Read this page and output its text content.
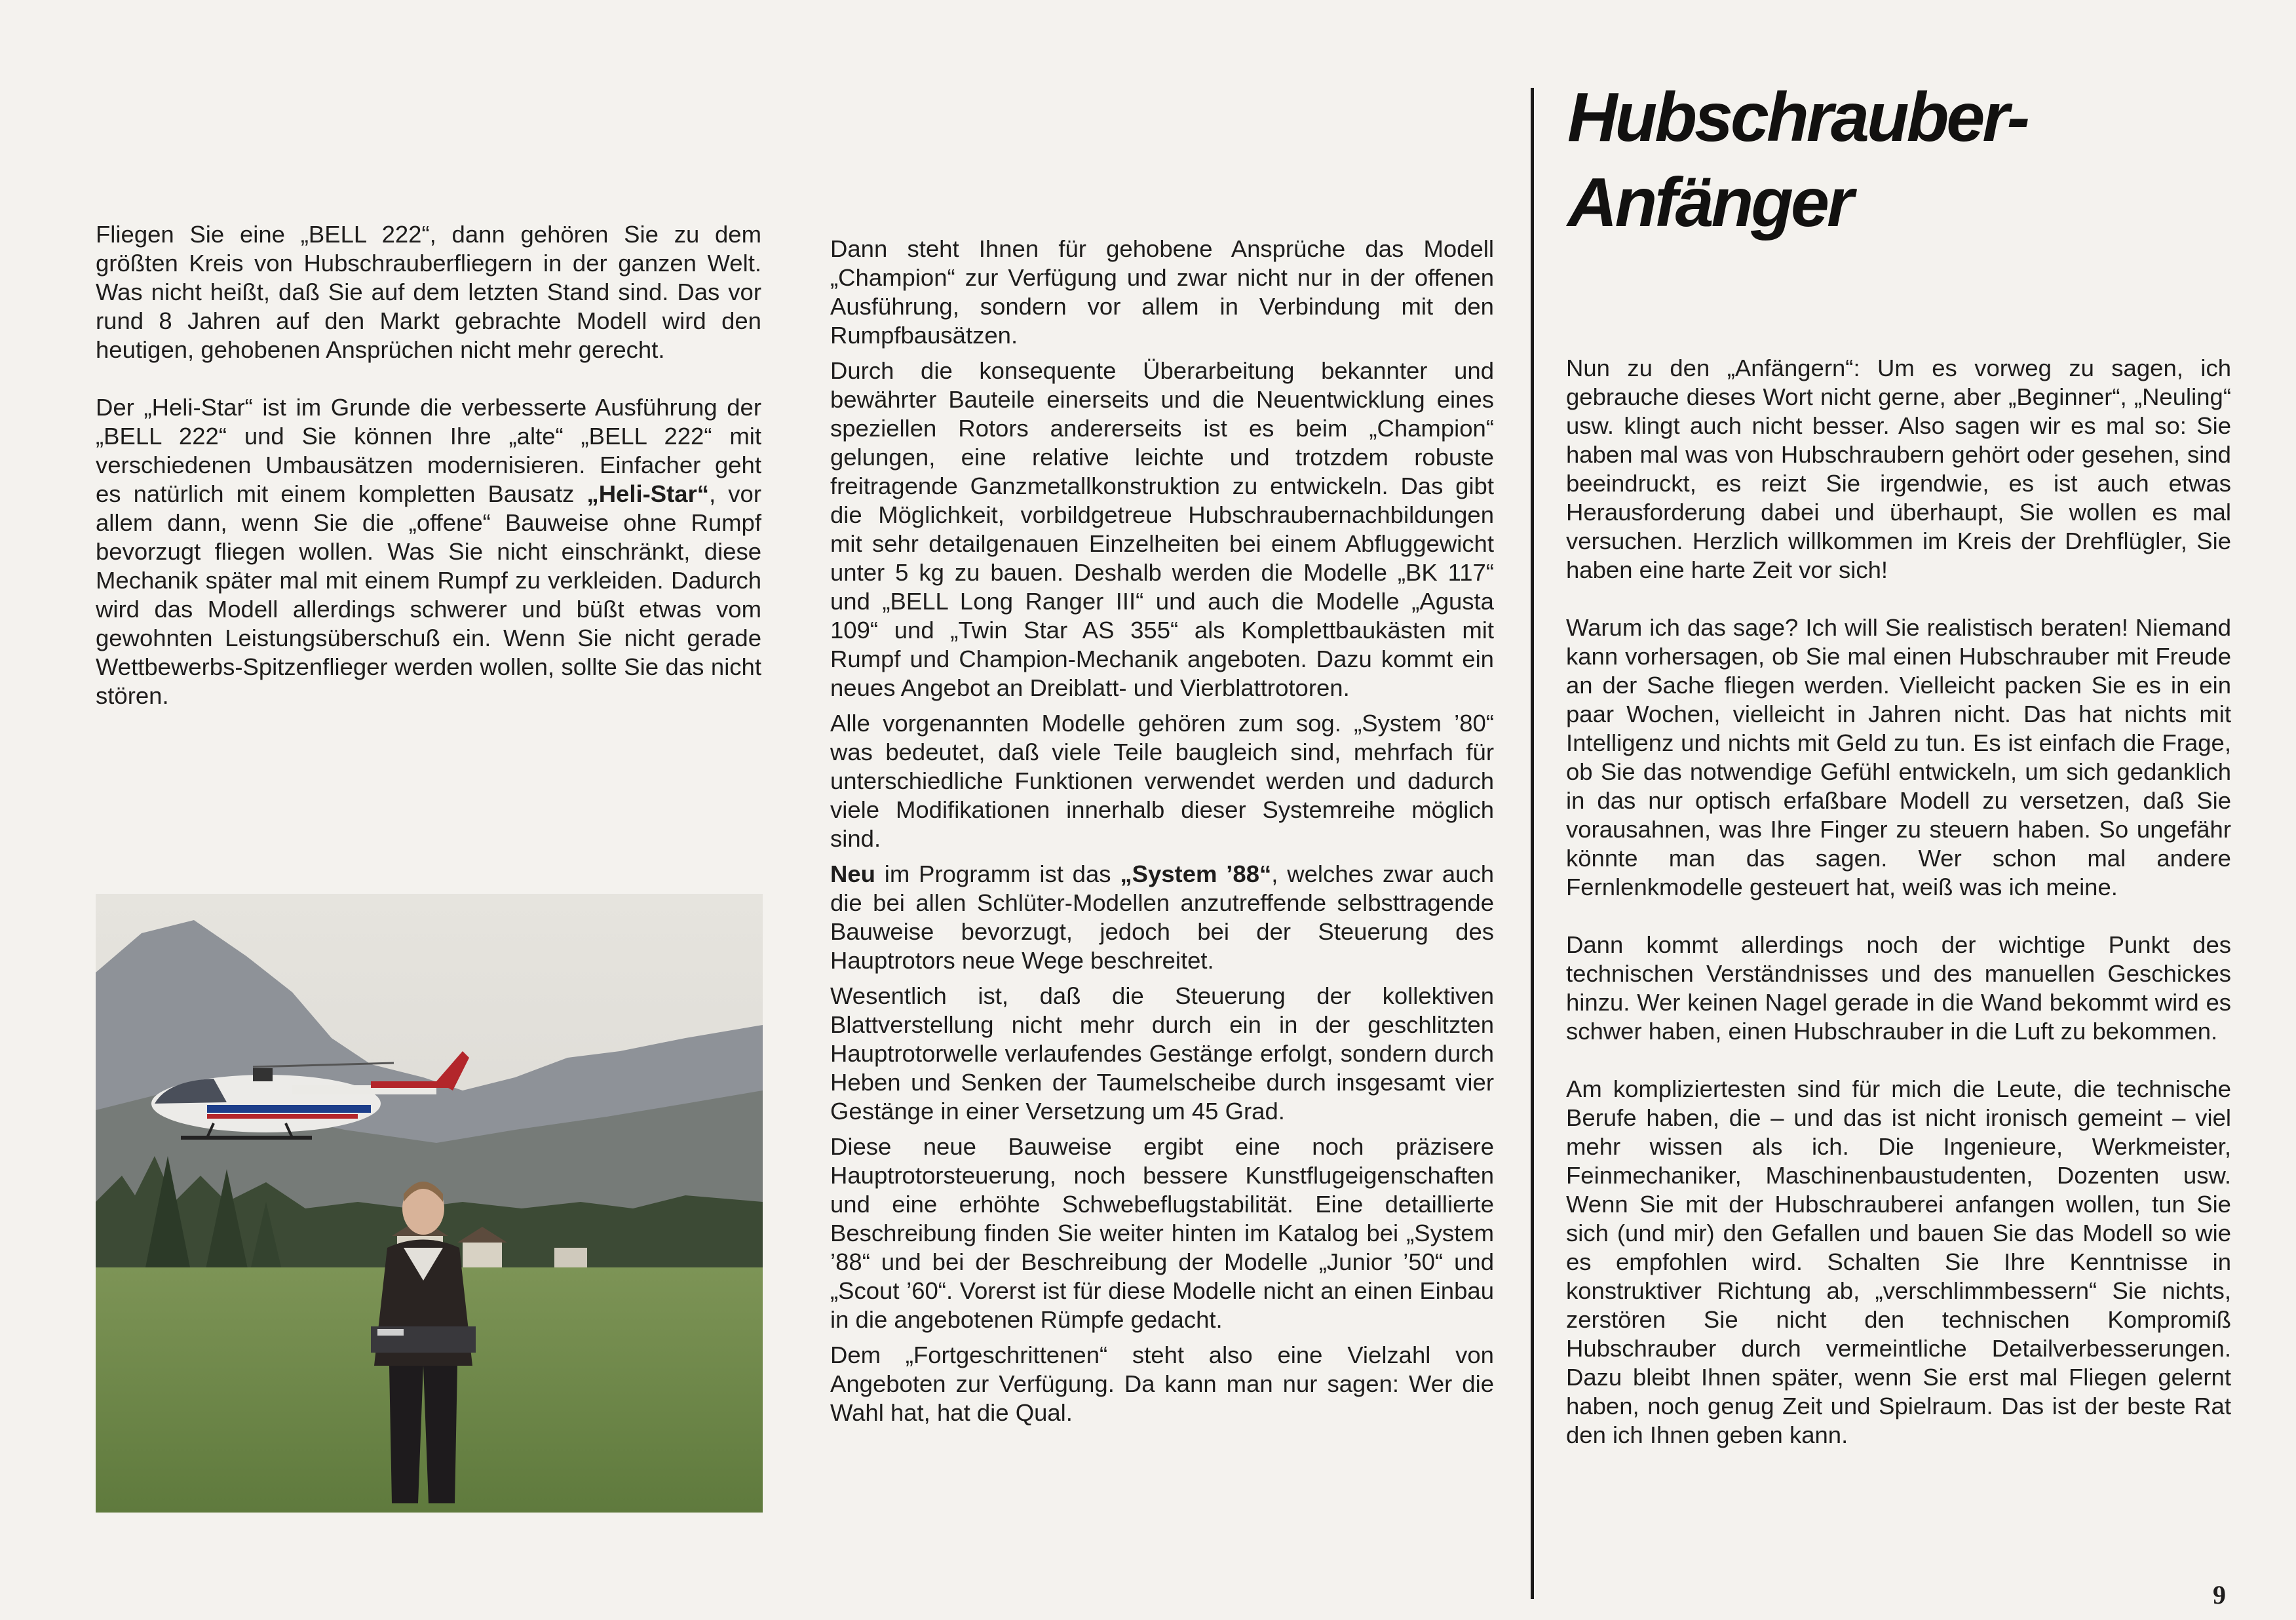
Hubschrauber-
Anfänger

Fliegen Sie eine „BELL 222“, dann gehören Sie zu dem größten Kreis von Hubschrauberfliegern in der ganzen Welt. Was nicht heißt, daß Sie auf dem letzten Stand sind. Das vor rund 8 Jahren auf den Markt gebrachte Modell wird den heutigen, gehobenen Ansprüchen nicht mehr gerecht.

Der „Heli-Star“ ist im Grunde die verbesserte Ausführung der „BELL 222“ und Sie können Ihre „alte“ „BELL 222“ mit verschiedenen Umbausätzen modernisieren. Einfacher geht es natürlich mit einem kompletten Bausatz „Heli-Star“, vor allem dann, wenn Sie die „offene“ Bauweise ohne Rumpf bevorzugt fliegen wollen. Was Sie nicht einschränkt, diese Mechanik später mal mit einem Rumpf zu verkleiden. Dadurch wird das Modell allerdings schwerer und büßt etwas vom gewohnten Leistungsüberschuß ein. Wenn Sie nicht gerade Wettbewerbs-Spitzenflieger werden wollen, sollte Sie das nicht stören.

Dann steht Ihnen für gehobene Ansprüche das Modell „Champion“ zur Verfügung und zwar nicht nur in der offenen Ausführung, sondern vor allem in Verbindung mit den Rumpfbausätzen.

Durch die konsequente Überarbeitung bekannter und bewährter Bauteile einerseits und die Neuentwicklung eines speziellen Rotors andererseits ist es beim „Champion“ gelungen, eine relative leichte und trotzdem robuste freitragende Ganzmetallkonstruktion zu entwickeln. Das gibt die Möglichkeit, vorbildgetreue Hubschraubernachbildungen mit sehr detailgenauen Einzelheiten bei einem Abfluggewicht unter 5 kg zu bauen. Deshalb werden die Modelle „BK 117“ und „BELL Long Ranger III“ und auch die Modelle „Agusta 109“ und „Twin Star AS 355“ als Komplettbaukästen mit Rumpf und Champion-Mechanik angeboten. Dazu kommt ein neues Angebot an Dreiblatt- und Vierblattrotoren.

Alle vorgenannten Modelle gehören zum sog. „System ’80“ was bedeutet, daß viele Teile baugleich sind, mehrfach für unterschiedliche Funktionen verwendet werden und dadurch viele Modifikationen innerhalb dieser Systemreihe möglich sind.

Neu im Programm ist das „System ’88“, welches zwar auch die bei allen Schlüter-Modellen anzutreffende selbsttragende Bauweise bevorzugt, jedoch bei der Steuerung des Hauptrotors neue Wege beschreitet.

Wesentlich ist, daß die Steuerung der kollektiven Blattverstellung nicht mehr durch ein in der geschlitzten Hauptrotorwelle verlaufendes Gestänge erfolgt, sondern durch Heben und Senken der Taumelscheibe durch insgesamt vier Gestänge in einer Versetzung um 45 Grad.

Diese neue Bauweise ergibt eine noch präzisere Hauptrotorsteuerung, noch bessere Kunstflugeigenschaften und eine erhöhte Schwebeflugstabilität. Eine detaillierte Beschreibung finden Sie weiter hinten im Katalog bei „System ’88“ und bei der Beschreibung der Modelle „Junior ’50“ und „Scout ’60“. Vorerst ist für diese Modelle nicht an einen Einbau in die angebotenen Rümpfe gedacht.

Dem „Fortgeschrittenen“ steht also eine Vielzahl von Angeboten zur Verfügung. Da kann man nur sagen: Wer die Wahl hat, hat die Qual.

Nun zu den „Anfängern“: Um es vorweg zu sagen, ich gebrauche dieses Wort nicht gerne, aber „Beginner“, „Neuling“ usw. klingt auch nicht besser. Also sagen wir es mal so: Sie haben mal was von Hubschraubern gehört oder gesehen, sind beeindruckt, es reizt Sie irgendwie, es ist auch etwas Herausforderung dabei und überhaupt, Sie wollen es mal versuchen. Herzlich willkommen im Kreis der Drehflügler, Sie haben eine harte Zeit vor sich!

Warum ich das sage? Ich will Sie realistisch beraten! Niemand kann vorhersagen, ob Sie mal einen Hubschrauber mit Freude an der Sache fliegen werden. Vielleicht packen Sie es in ein paar Wochen, vielleicht in Jahren nicht. Das hat nichts mit Intelligenz und nichts mit Geld zu tun. Es ist einfach die Frage, ob Sie das notwendige Gefühl entwickeln, um sich gedanklich in das nur optisch erfaßbare Modell zu versetzen, daß Sie vorausahnen, was Ihre Finger zu steuern haben. So ungefähr könnte man das sagen. Wer schon mal andere Fernlenkmodelle gesteuert hat, weiß was ich meine.

Dann kommt allerdings noch der wichtige Punkt des technischen Verständnisses und des manuellen Geschickes hinzu. Wer keinen Nagel gerade in die Wand bekommt wird es schwer haben, einen Hubschrauber in die Luft zu bekommen.

Am kompliziertesten sind für mich die Leute, die technische Berufe haben, die – und das ist nicht ironisch gemeint – viel mehr wissen als ich. Die Ingenieure, Werkmeister, Feinmechaniker, Maschinenbaustudenten, Dozenten usw. Wenn Sie mit der Hubschrauberei anfangen wollen, tun Sie sich (und mir) den Gefallen und bauen Sie das Modell so wie es empfohlen wird. Schalten Sie Ihre Kenntnisse in konstruktiver Richtung ab, „verschlimmbessern“ Sie nichts, zerstören Sie nicht den technischen Kompromiß Hubschrauber durch vermeintliche Detailverbesserungen. Dazu bleibt Ihnen später, wenn Sie erst mal Fliegen gelernt haben, noch genug Zeit und Spielraum. Das ist der beste Rat den ich Ihnen geben kann.

9
